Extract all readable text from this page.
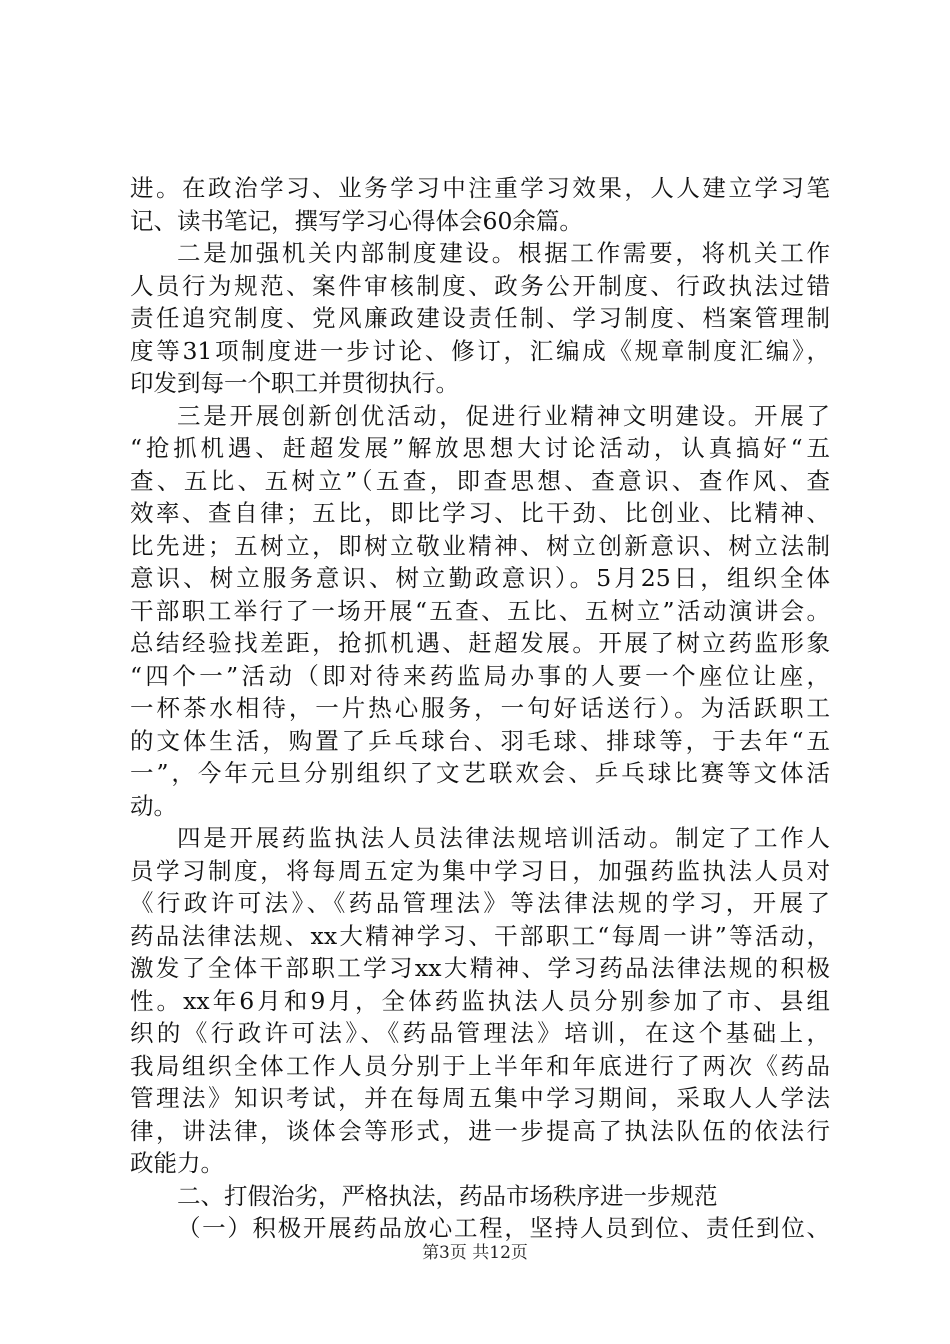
进。在政治学习、业务学习中注重学习效果，人人建立学习笔
记、读书笔记，撰写学习心得体会60余篇。
二是加强机关内部制度建设。根据工作需要，将机关工作
人员行为规范、案件审核制度、政务公开制度、行政执法过错
责任追究制度、党风廉政建设责任制、学习制度、档案管理制
度等31项制度进一步讨论、修订，汇编成《规章制度汇编》，
印发到每一个职工并贯彻执行。
三是开展创新创优活动，促进行业精神文明建设。开展了
“抢抓机遇、赶超发展”解放思想大讨论活动，认真搞好“五
查、五比、五树立”（五查，即查思想、查意识、查作风、查
效率、查自律；五比，即比学习、比干劲、比创业、比精神、
比先进；五树立，即树立敬业精神、树立创新意识、树立法制
意识、树立服务意识、树立勤政意识）。5月25日，组织全体
干部职工举行了一场开展“五查、五比、五树立”活动演讲会。
总结经验找差距，抢抓机遇、赶超发展。开展了树立药监形象
“四个一”活动（即对待来药监局办事的人要一个座位让座，
一杯茶水相待，一片热心服务，一句好话送行）。为活跃职工
的文体生活，购置了乒乓球台、羽毛球、排球等，于去年“五
一”，今年元旦分别组织了文艺联欢会、乒乓球比赛等文体活
动。
四是开展药监执法人员法律法规培训活动。制定了工作人
员学习制度，将每周五定为集中学习日，加强药监执法人员对
《行政许可法》、《药品管理法》等法律法规的学习，开展了
药品法律法规、xx大精神学习、干部职工“每周一讲”等活动，
激发了全体干部职工学习xx大精神、学习药品法律法规的积极
性。xx年6月和9月，全体药监执法人员分别参加了市、县组
织的《行政许可法》、《药品管理法》培训，在这个基础上，
我局组织全体工作人员分别于上半年和年底进行了两次《药品
管理法》知识考试，并在每周五集中学习期间，采取人人学法
律，讲法律，谈体会等形式，进一步提高了执法队伍的依法行
政能力。
二、打假治劣，严格执法，药品市场秩序进一步规范
（一）积极开展药品放心工程，坚持人员到位、责任到位、
第3页 共12页
